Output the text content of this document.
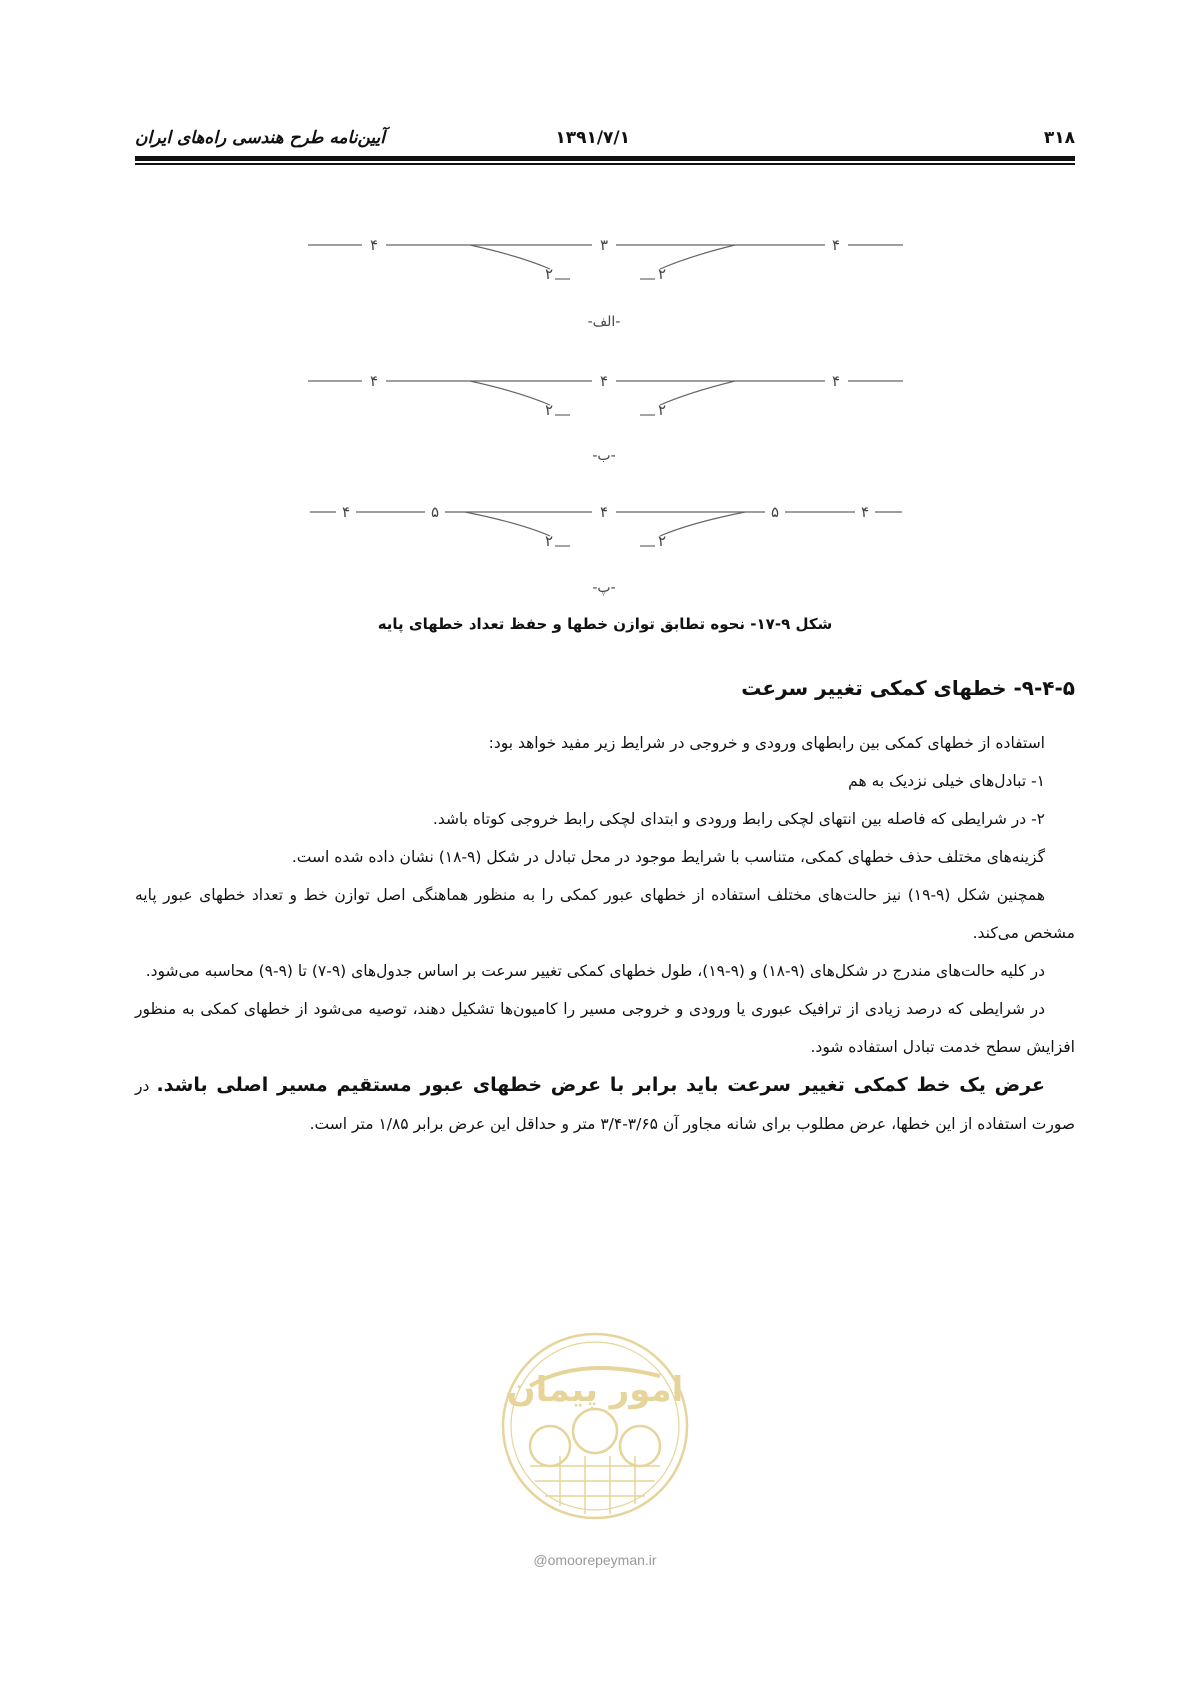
۳۱۸
۱۳۹۱/۷/۱
آیین‌نامه طرح هندسی راه‌های ایران
۴	۳	۴
۲	۲
-الف-
۴	۴	۴
۲	۲
-ب-
۴	۵	۴	۵	۴
۲	۲
-پ-
شکل ۹-۱۷- نحوه تطابق توازن خطها و حفظ تعداد خطهای پایه
۹-۴-۵- خطهای کمکی تغییر سرعت

استفاده از خطهای کمکی بین رابطهای ورودی و خروجی در شرایط زیر مفید خواهد بود:

۱- تبادل‌های خیلی نزدیک به هم

۲- در شرایطی که فاصله بین انتهای لچکی رابط ورودی و ابتدای لچکی رابط خروجی کوتاه باشد.

گزینه‌های مختلف حذف خطهای کمکی، متناسب با شرایط موجود در محل تبادل در شکل (۹-۱۸) نشان داده شده است.

همچنین شکل (۹-۱۹) نیز حالت‌های مختلف استفاده از خطهای عبور کمکی را به منظور هماهنگی اصل توازن خط و تعداد خطهای عبور پایه مشخص می‌کند.

در کلیه حالت‌های مندرج در شکل‌های (۹-۱۸) و (۹-۱۹)، طول خطهای کمکی تغییر سرعت بر اساس جدول‌های (۹-۷) تا (۹-۹) محاسبه می‌شود.

در شرایطی که درصد زیادی از ترافیک عبوری یا ورودی و خروجی مسیر را کامیون‌ها تشکیل دهند، توصیه می‌شود از خطهای کمکی به منظور افزایش سطح خدمت تبادل استفاده شود.

عرض یک خط کمکی تغییر سرعت باید برابر با عرض خطهای عبور مستقیم مسیر اصلی باشد. در صورت استفاده از این خطها، عرض مطلوب برای شانه مجاور آن ۳/۶۵-۳/۴ متر و حداقل این عرض برابر ۱/۸۵ متر است.

امور پیمان
@omoorepeyman.ir
